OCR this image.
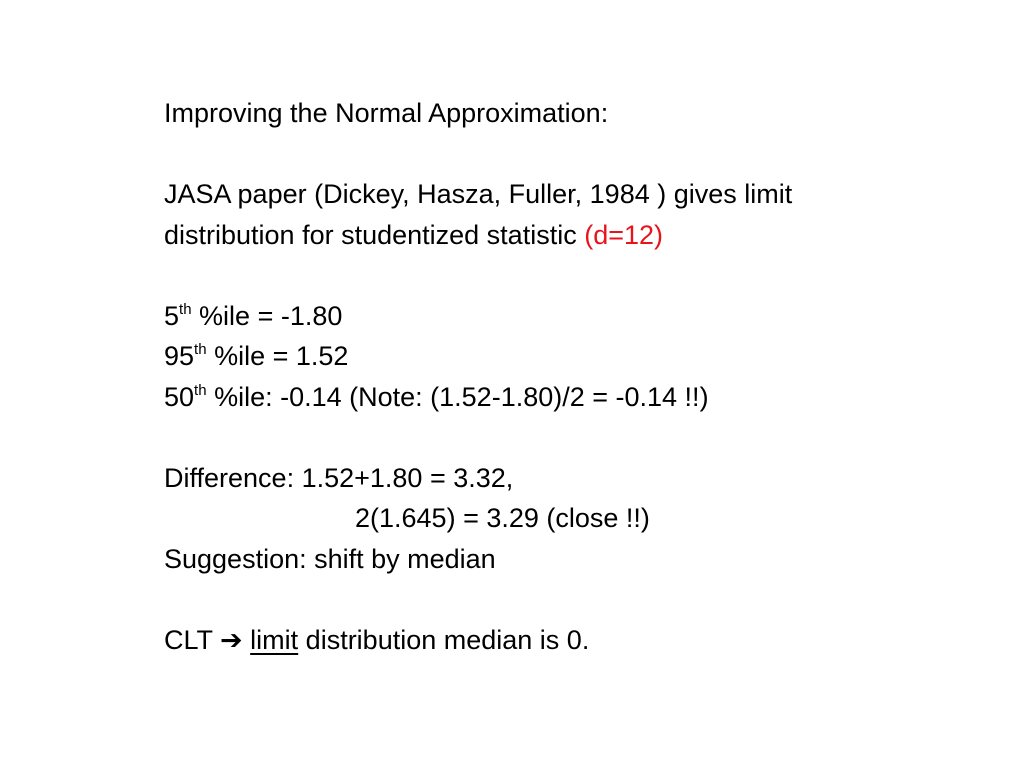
Improving the Normal Approximation:
JASA paper (Dickey, Hasza, Fuller, 1984 ) gives limit
distribution for studentized statistic (d=12)
5th %ile = -1.80
95th %ile = 1.52
50th %ile: -0.14 (Note: (1.52-1.80)/2 = -0.14 !!)
Difference: 1.52+1.80 = 3.32,
2(1.645) = 3.29 (close !!)
Suggestion: shift by median
CLT ➔ limit distribution median is 0.
